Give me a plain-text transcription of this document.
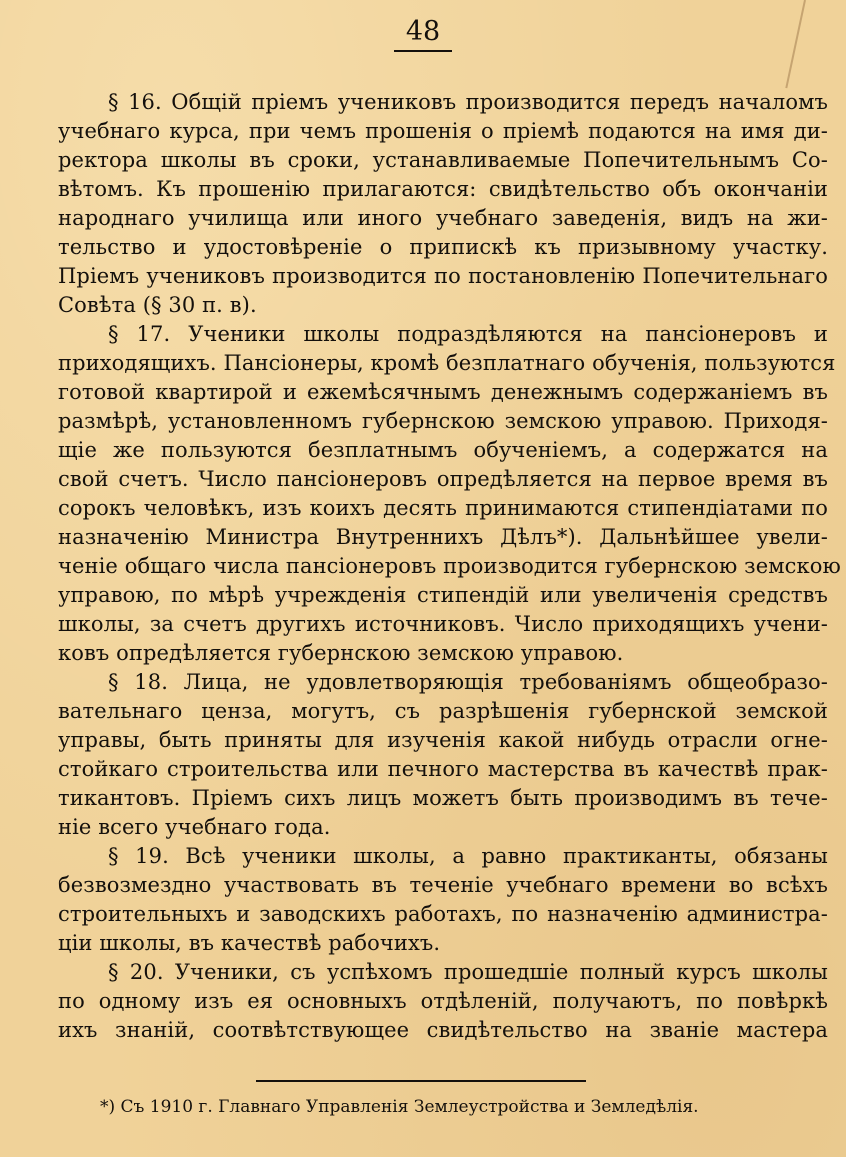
48
§ 16. Общій пріемъ учениковъ производится передъ началомъ
учебнаго курса, при чемъ прошенія о пріемѣ подаются на имя ди-
ректора школы въ сроки, устанавливаемые Попечительнымъ Со-
вѣтомъ. Къ прошенію прилагаются: свидѣтельство объ окончаніи
народнаго училища или иного учебнаго заведенія, видъ на жи-
тельство и удостовѣреніе о припискѣ къ призывному участку.
Пріемъ учениковъ производится по постановленію Попечительнаго
Совѣта (§ 30 п. в).
§ 17. Ученики школы подраздѣляются на пансіонеровъ и
приходящихъ. Пансіонеры, кромѣ безплатнаго обученія, пользуются
готовой квартирой и ежемѣсячнымъ денежнымъ содержаніемъ въ
размѣрѣ, установленномъ губернскою земскою управою. Приходя-
щіе же пользуются безплатнымъ обученіемъ, а содержатся на
свой счетъ. Число пансіонеровъ опредѣляется на первое время въ
сорокъ человѣкъ, изъ коихъ десять принимаются стипендіатами по
назначенію Министра Внутреннихъ Дѣлъ*). Дальнѣйшее увели-
ченіе общаго числа пансіонеровъ производится губернскою земскою
управою, по мѣрѣ учрежденія стипендій или увеличенія средствъ
школы, за счетъ другихъ источниковъ. Число приходящихъ учени-
ковъ опредѣляется губернскою земскою управою.
§ 18. Лица, не удовлетворяющія требованіямъ общеобразо-
вательнаго ценза, могутъ, съ разрѣшенія губернской земской
управы, быть приняты для изученія какой нибудь отрасли огне-
стойкаго строительства или печного мастерства въ качествѣ прак-
тикантовъ. Пріемъ сихъ лицъ можетъ быть производимъ въ тече-
ніе всего учебнаго года.
§ 19. Всѣ ученики школы, а равно практиканты, обязаны
безвозмездно участвовать въ теченіе учебнаго времени во всѣхъ
строительныхъ и заводскихъ работахъ, по назначенію администра-
ціи школы, въ качествѣ рабочихъ.
§ 20. Ученики, съ успѣхомъ прошедшіе полный курсъ школы
по одному изъ ея основныхъ отдѣленій, получаютъ, по повѣркѣ
ихъ знаній, соотвѣтствующее свидѣтельство на званіе мастера
*) Съ 1910 г. Главнаго Управленія Землеустройства и Земледѣлія.
